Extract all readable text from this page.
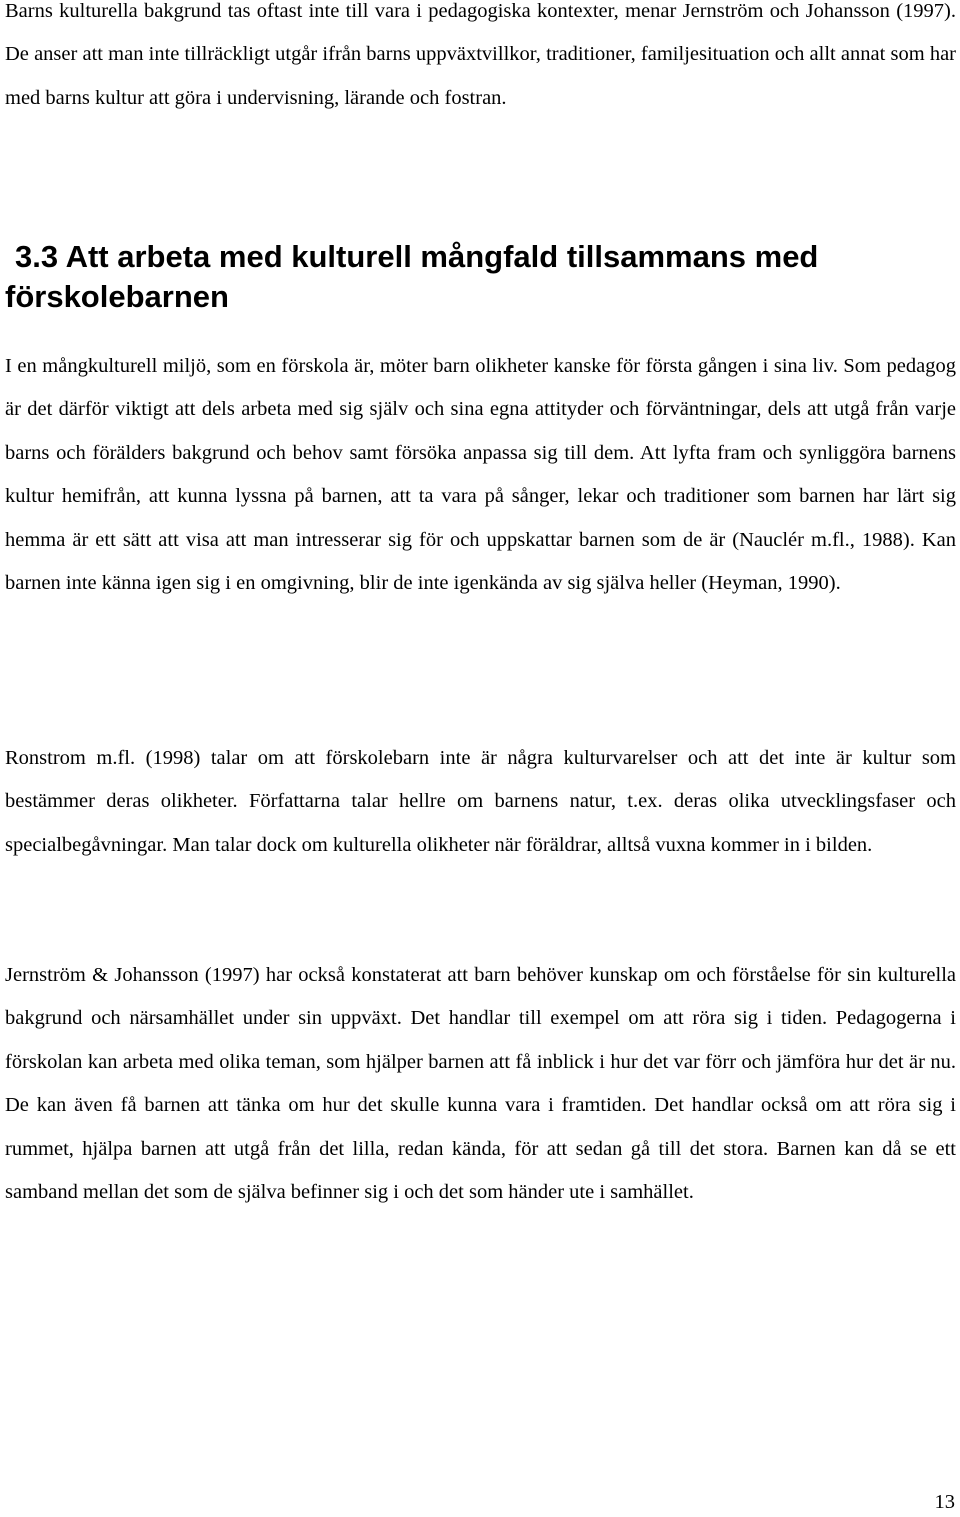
Barns kulturella bakgrund tas oftast inte till vara i pedagogiska kontexter, menar Jernström och Johansson (1997). De anser att man inte tillräckligt utgår ifrån barns uppväxtvillkor, traditioner, familjesituation och allt annat som har med barns kultur att göra i undervisning, lärande och fostran.

3.3 Att arbeta med kulturell mångfald tillsammans med förskolebarnen

I en mångkulturell miljö, som en förskola är, möter barn olikheter kanske för första gången i sina liv. Som pedagog är det därför viktigt att dels arbeta med sig själv och sina egna attityder och förväntningar, dels att utgå från varje barns och förälders bakgrund och behov samt försöka anpassa sig till dem. Att lyfta fram och synliggöra barnens kultur hemifrån, att kunna lyssna på barnen, att ta vara på sånger, lekar och traditioner som barnen har lärt sig hemma är ett sätt att visa att man intresserar sig för och uppskattar barnen som de är (Nauclér m.fl., 1988). Kan barnen inte känna igen sig i en omgivning, blir de inte igenkända av sig själva heller (Heyman, 1990).

Ronstrom m.fl. (1998) talar om att förskolebarn inte är några kulturvarelser och att det inte är kultur som bestämmer deras olikheter. Författarna talar hellre om barnens natur, t.ex. deras olika utvecklingsfaser och specialbegåvningar. Man talar dock om kulturella olikheter när föräldrar, alltså vuxna kommer in i bilden.

Jernström & Johansson (1997) har också konstaterat att barn behöver kunskap om och förståelse för sin kulturella bakgrund och närsamhället under sin uppväxt. Det handlar till exempel om att röra sig i tiden. Pedagogerna i förskolan kan arbeta med olika teman, som hjälper barnen att få inblick i hur det var förr och jämföra hur det är nu. De kan även få barnen att tänka om hur det skulle kunna vara i framtiden. Det handlar också om att röra sig i rummet, hjälpa barnen att utgå från det lilla, redan kända, för att sedan gå till det stora. Barnen kan då se ett samband mellan det som de själva befinner sig i och det som händer ute i samhället.

13
